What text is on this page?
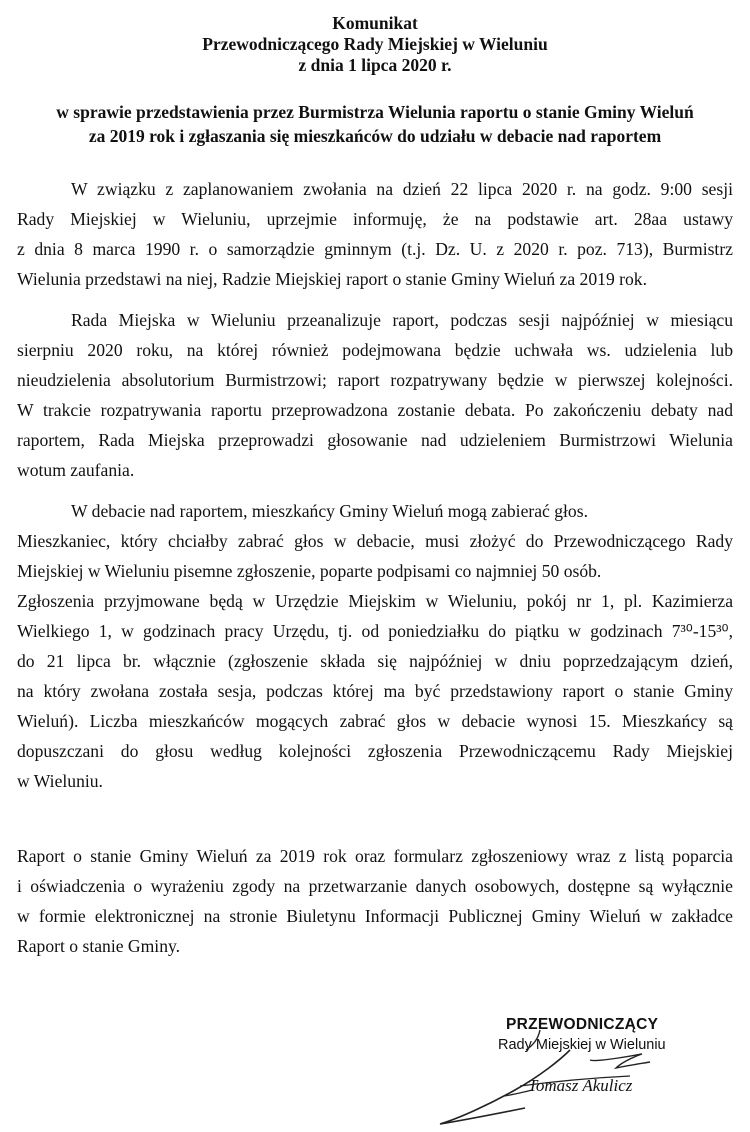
Komunikat
Przewodniczącego Rady Miejskiej w Wieluniu
z dnia 1 lipca 2020 r.
w sprawie przedstawienia przez Burmistrza Wielunia raportu o stanie Gminy Wieluń
za 2019 rok i zgłaszania się mieszkańców do udziału w debacie nad raportem
W związku z zaplanowaniem zwołania na dzień 22 lipca 2020 r. na godz. 9:00 sesji
Rady Miejskiej w Wieluniu, uprzejmie informuję, że na podstawie art. 28aa ustawy
z dnia 8 marca 1990 r. o samorządzie gminnym (t.j. Dz. U. z 2020 r. poz. 713), Burmistrz
Wielunia przedstawi na niej, Radzie Miejskiej raport o stanie Gminy Wieluń za 2019 rok.
Rada Miejska w Wieluniu przeanalizuje raport, podczas sesji najpóźniej w miesiącu
sierpniu 2020 roku, na której również podejmowana będzie uchwała ws. udzielenia lub
nieudzielenia absolutorium Burmistrzowi; raport rozpatrywany będzie w pierwszej kolejności.
W trakcie rozpatrywania raportu przeprowadzona zostanie debata. Po zakończeniu debaty nad
raportem, Rada Miejska przeprowadzi głosowanie nad udzieleniem Burmistrzowi Wielunia
wotum zaufania.
W debacie nad raportem, mieszkańcy Gminy Wieluń mogą zabierać głos.
Mieszkaniec, który chciałby zabrać głos w debacie, musi złożyć do Przewodniczącego Rady
Miejskiej w Wieluniu pisemne zgłoszenie, poparte podpisami co najmniej 50 osób.
Zgłoszenia przyjmowane będą w Urzędzie Miejskim w Wieluniu, pokój nr 1, pl. Kazimierza
Wielkiego 1, w godzinach pracy Urzędu, tj. od poniedziałku do piątku w godzinach 7³⁰-15³⁰,
do 21 lipca br. włącznie (zgłoszenie składa się najpóźniej w dniu poprzedzającym dzień,
na który zwołana została sesja, podczas której ma być przedstawiony raport o stanie Gminy
Wieluń). Liczba mieszkańców mogących zabrać głos w debacie wynosi 15. Mieszkańcy są
dopuszczani do głosu według kolejności zgłoszenia Przewodniczącemu Rady Miejskiej
w Wieluniu.
Raport o stanie Gminy Wieluń za 2019 rok oraz formularz zgłoszeniowy wraz z listą poparcia
i oświadczenia o wyrażeniu zgody na przetwarzanie danych osobowych, dostępne są wyłącznie
w formie elektronicznej na stronie Biuletynu Informacji Publicznej Gminy Wieluń w zakładce
Raport o stanie Gminy.
PRZEWODNICZĄCY
Rady Miejskiej w Wieluniu
Tomasz Akulicz
